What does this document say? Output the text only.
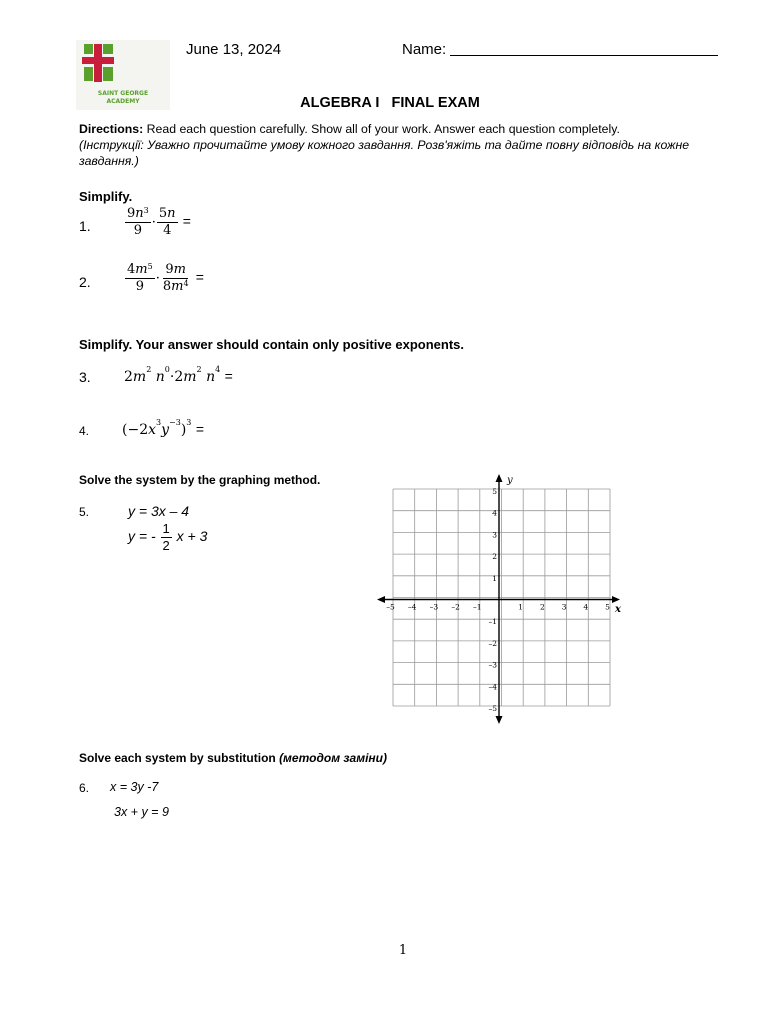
SAINT GEORGE
ACADEMY
June 13, 2024	Name:
ALGEBRA I   FINAL EXAM
Directions: Read each question carefully. Show all of your work. Answer each question completely.
(Інструкції: Уважно прочитайте умову кожного завдання. Розв'яжіть та дайте повну відповідь на кожне завдання.)
Simplify.
1.	$\frac{9n^3}{9} \cdot \frac{5n}{4}$ =
2.	$\frac{4m^5}{9} \cdot \frac{9m}{8m^4}$ =
Simplify. Your answer should contain only positive exponents.
3. $2m^2$ $n^0\cdot 2m^2$ $n^4$ =
4. $(-2x^3y^{-3})^3$ =
Solve the system by the graphing method.
5.	y = 3x – 4
y = - $\frac{1}{2}$ x + 3
y
x
–5 –4 –3 –2 –1	1 2 3 4 5
5
4
3
2
1
–1
–2
–3
–4
–5
Solve each system by substitution (методом заміни)
6. x = 3y -7
3x + y = 9
1
